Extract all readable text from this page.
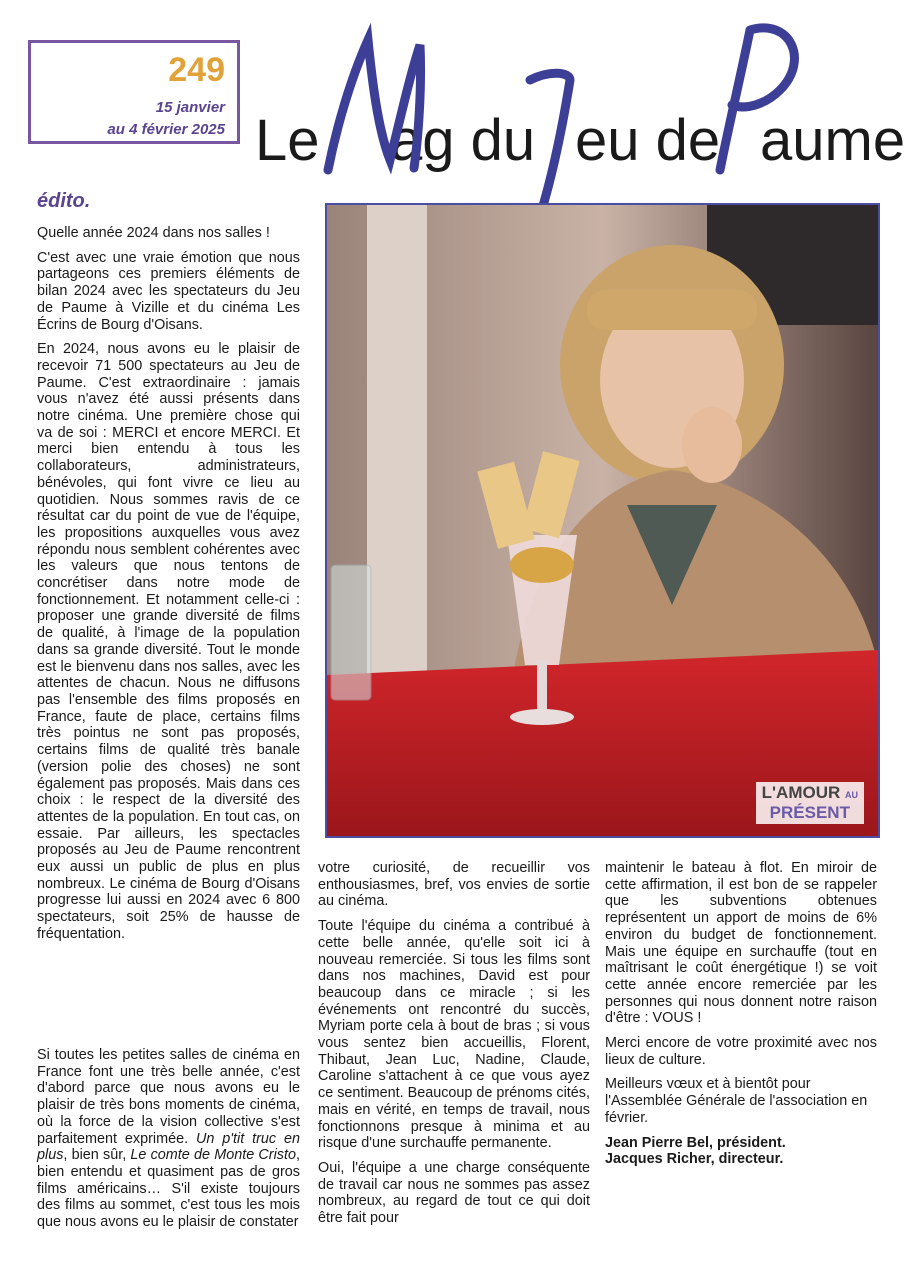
249
15 janvier
au 4 février 2025 Le ag du eu de aume
édito.
L'AMOUR AU
PRÉSENT

Quelle année 2024 dans nos salles !

C'est avec une vraie émotion que nous partageons ces premiers éléments de bilan 2024 avec les spectateurs du Jeu de Paume à Vizille et du cinéma Les Écrins de Bourg d'Oisans.

En 2024, nous avons eu le plaisir de recevoir 71 500 spectateurs au Jeu de Paume. C'est extraordinaire : jamais vous n'avez été aussi présents dans notre cinéma. Une première chose qui va de soi : MERCI et encore MERCI. Et merci bien entendu à tous les collaborateurs, administrateurs, bénévoles, qui font vivre ce lieu au quotidien. Nous sommes ravis de ce résultat car du point de vue de l'équipe, les propositions auxquelles vous avez répondu nous semblent cohérentes avec les valeurs que nous tentons de concrétiser dans notre mode de fonctionnement. Et notamment celle-ci : proposer une grande diversité de films de qualité, à l'image de la population dans sa grande diversité. Tout le monde est le bienvenu dans nos salles, avec les attentes de chacun. Nous ne diffusons pas l'ensemble des films proposés en France, faute de place, certains films très pointus ne sont pas proposés, certains films de qualité très banale (version polie des choses) ne sont également pas proposés. Mais dans ces choix : le respect de la diversité des attentes de la population. En tout cas, on essaie. Par ailleurs, les spectacles proposés au Jeu de Paume rencontrent eux aussi un public de plus en plus nombreux. Le cinéma de Bourg d'Oisans progresse lui aussi en 2024 avec 6 800 spectateurs, soit 25% de hausse de fréquentation.

Si toutes les petites salles de cinéma en France font une très belle année, c'est d'abord parce que nous avons eu le plaisir de très bons moments de cinéma, où la force de la vision collective s'est parfaitement exprimée. Un p'tit truc en plus, bien sûr, Le comte de Monte Cristo, bien entendu et quasiment pas de gros films américains… S'il existe toujours des films au sommet, c'est tous les mois que nous avons eu le plaisir de constater

votre curiosité, de recueillir vos enthousiasmes, bref, vos envies de sortie au cinéma.

Toute l'équipe du cinéma a contribué à cette belle année, qu'elle soit ici à nouveau remerciée. Si tous les films sont dans nos machines, David est pour beaucoup dans ce miracle ; si les événements ont rencontré du succès, Myriam porte cela à bout de bras ; si vous vous sentez bien accueillis, Florent, Thibaut, Jean Luc, Nadine, Claude, Caroline s'attachent à ce que vous ayez ce sentiment. Beaucoup de prénoms cités, mais en vérité, en temps de travail, nous fonctionnons presque à minima et au risque d'une surchauffe permanente.

Oui, l'équipe a une charge conséquente de travail car nous ne sommes pas assez nombreux, au regard de tout ce qui doit être fait pour

maintenir le bateau à flot. En miroir de cette affirmation, il est bon de se rappeler que les subventions obtenues représentent un apport de moins de 6% environ du budget de fonctionnement. Mais une équipe en surchauffe (tout en maîtrisant le coût énergétique !) se voit cette année encore remerciée par les personnes qui nous donnent notre raison d'être : VOUS !

Merci encore de votre proximité avec nos lieux de culture.

Meilleurs vœux et à bientôt pour l'Assemblée Générale de l'association en février.

Jean Pierre Bel, président.
Jacques Richer, directeur.
